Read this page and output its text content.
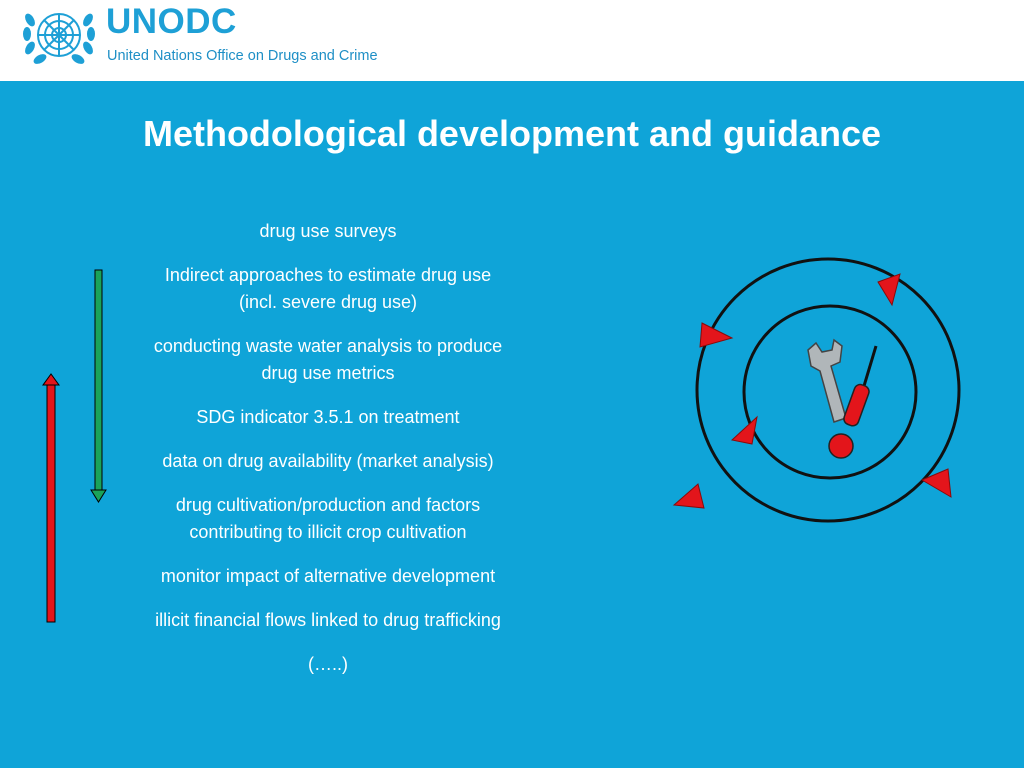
UNODC
United Nations Office on Drugs and Crime
Methodological development and guidance
drug use surveys
Indirect approaches to estimate drug use
(incl. severe drug use)
conducting waste water analysis to produce
drug use metrics
SDG indicator 3.5.1 on treatment
data on drug availability (market analysis)
drug cultivation/production and factors
contributing to illicit crop cultivation
monitor impact of alternative development
illicit financial flows linked to drug trafficking
(…..)
